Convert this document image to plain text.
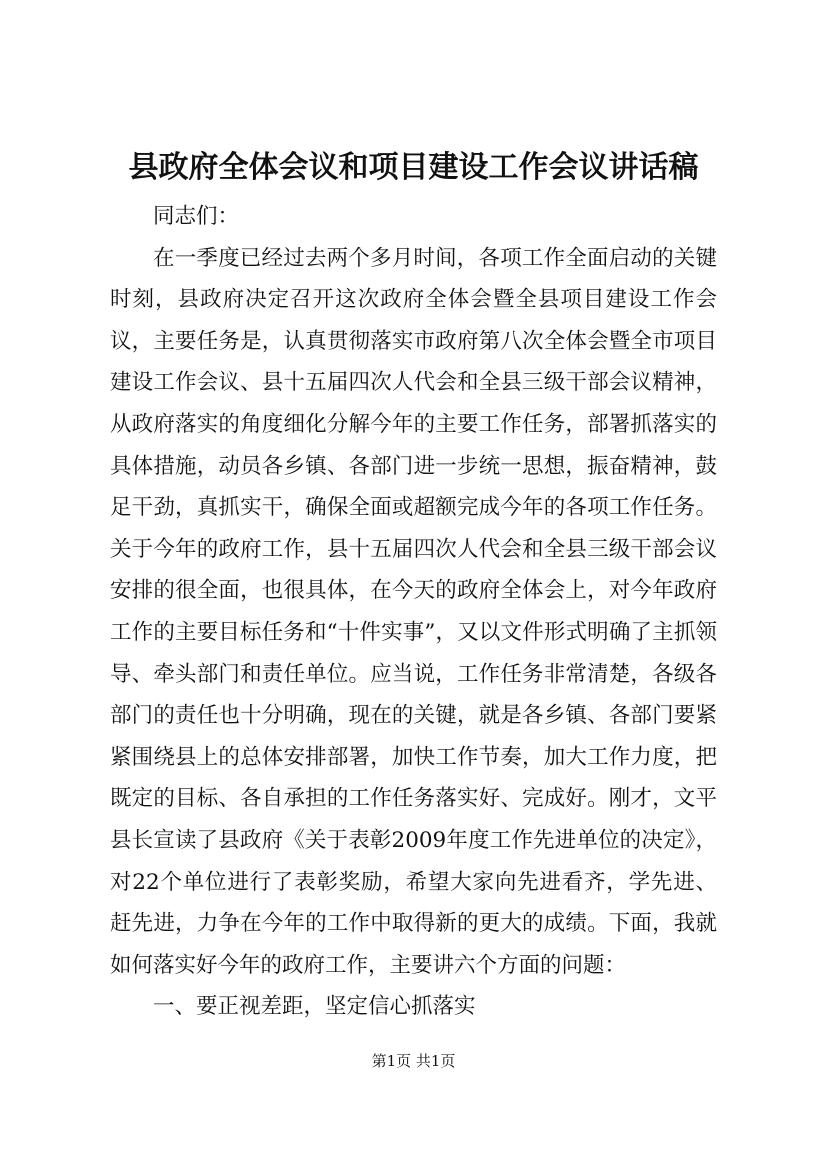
县政府全体会议和项目建设工作会议讲话稿

同志们：

在一季度已经过去两个多月时间，各项工作全面启动的关键时刻，县政府决定召开这次政府全体会暨全县项目建设工作会议，主要任务是，认真贯彻落实市政府第八次全体会暨全市项目建设工作会议、县十五届四次人代会和全县三级干部会议精神，从政府落实的角度细化分解今年的主要工作任务，部署抓落实的具体措施，动员各乡镇、各部门进一步统一思想，振奋精神，鼓足干劲，真抓实干，确保全面或超额完成今年的各项工作任务。关于今年的政府工作，县十五届四次人代会和全县三级干部会议安排的很全面，也很具体，在今天的政府全体会上，对今年政府工作的主要目标任务和“十件实事”，又以文件形式明确了主抓领导、牵头部门和责任单位。应当说，工作任务非常清楚，各级各部门的责任也十分明确，现在的关键，就是各乡镇、各部门要紧紧围绕县上的总体安排部署，加快工作节奏，加大工作力度，把既定的目标、各自承担的工作任务落实好、完成好。刚才，文平县长宣读了县政府《关于表彰2009年度工作先进单位的决定》，对22个单位进行了表彰奖励，希望大家向先进看齐，学先进、赶先进，力争在今年的工作中取得新的更大的成绩。下面，我就如何落实好今年的政府工作，主要讲六个方面的问题：

一、要正视差距，坚定信心抓落实

第1页 共1页
